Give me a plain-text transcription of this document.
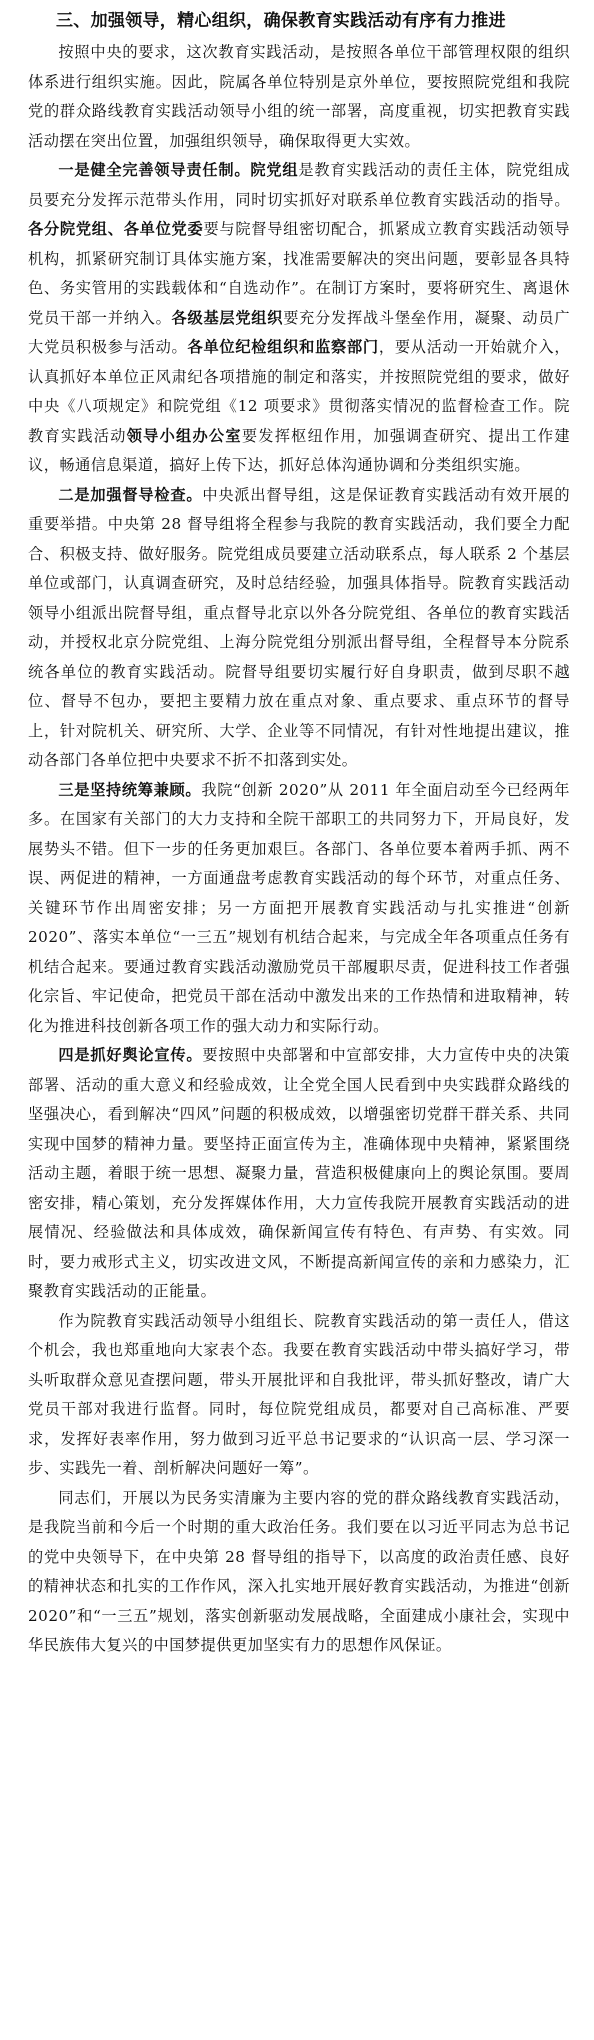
三、加强领导，精心组织，确保教育实践活动有序有力推进

按照中央的要求，这次教育实践活动，是按照各单位干部管理权限的组织体系进行组织实施。因此，院属各单位特别是京外单位，要按照院党组和我院党的群众路线教育实践活动领导小组的统一部署，高度重视，切实把教育实践活动摆在突出位置，加强组织领导，确保取得更大实效。

一是健全完善领导责任制。院党组是教育实践活动的责任主体，院党组成员要充分发挥示范带头作用，同时切实抓好对联系单位教育实践活动的指导。各分院党组、各单位党委要与院督导组密切配合，抓紧成立教育实践活动领导机构，抓紧研究制订具体实施方案，找准需要解决的突出问题，要彰显各具特色、务实管用的实践载体和“自选动作”。在制订方案时，要将研究生、离退休党员干部一并纳入。各级基层党组织要充分发挥战斗堡垒作用，凝聚、动员广大党员积极参与活动。各单位纪检组织和监察部门，要从活动一开始就介入，认真抓好本单位正风肃纪各项措施的制定和落实，并按照院党组的要求，做好中央《八项规定》和院党组《12 项要求》贯彻落实情况的监督检查工作。院教育实践活动领导小组办公室要发挥枢纽作用，加强调查研究、提出工作建议，畅通信息渠道，搞好上传下达，抓好总体沟通协调和分类组织实施。

二是加强督导检查。中央派出督导组，这是保证教育实践活动有效开展的重要举措。中央第 28 督导组将全程参与我院的教育实践活动，我们要全力配合、积极支持、做好服务。院党组成员要建立活动联系点，每人联系 2 个基层单位或部门，认真调查研究，及时总结经验，加强具体指导。院教育实践活动领导小组派出院督导组，重点督导北京以外各分院党组、各单位的教育实践活动，并授权北京分院党组、上海分院党组分别派出督导组，全程督导本分院系统各单位的教育实践活动。院督导组要切实履行好自身职责，做到尽职不越位、督导不包办，要把主要精力放在重点对象、重点要求、重点环节的督导上，针对院机关、研究所、大学、企业等不同情况，有针对性地提出建议，推动各部门各单位把中央要求不折不扣落到实处。

三是坚持统筹兼顾。我院“创新 2020”从 2011 年全面启动至今已经两年多。在国家有关部门的大力支持和全院干部职工的共同努力下，开局良好，发展势头不错。但下一步的任务更加艰巨。各部门、各单位要本着两手抓、两不误、两促进的精神，一方面通盘考虑教育实践活动的每个环节，对重点任务、关键环节作出周密安排；另一方面把开展教育实践活动与扎实推进“创新 2020”、落实本单位“一三五”规划有机结合起来，与完成全年各项重点任务有机结合起来。要通过教育实践活动激励党员干部履职尽责，促进科技工作者强化宗旨、牢记使命，把党员干部在活动中激发出来的工作热情和进取精神，转化为推进科技创新各项工作的强大动力和实际行动。

四是抓好舆论宣传。要按照中央部署和中宣部安排，大力宣传中央的决策部署、活动的重大意义和经验成效，让全党全国人民看到中央实践群众路线的坚强决心，看到解决“四风”问题的积极成效，以增强密切党群干群关系、共同实现中国梦的精神力量。要坚持正面宣传为主，准确体现中央精神，紧紧围绕活动主题，着眼于统一思想、凝聚力量，营造积极健康向上的舆论氛围。要周密安排，精心策划，充分发挥媒体作用，大力宣传我院开展教育实践活动的进展情况、经验做法和具体成效，确保新闻宣传有特色、有声势、有实效。同时，要力戒形式主义，切实改进文风，不断提高新闻宣传的亲和力感染力，汇聚教育实践活动的正能量。

作为院教育实践活动领导小组组长、院教育实践活动的第一责任人，借这个机会，我也郑重地向大家表个态。我要在教育实践活动中带头搞好学习，带头听取群众意见查摆问题，带头开展批评和自我批评，带头抓好整改，请广大党员干部对我进行监督。同时，每位院党组成员，都要对自己高标准、严要求，发挥好表率作用，努力做到习近平总书记要求的“认识高一层、学习深一步、实践先一着、剖析解决问题好一筹”。

同志们，开展以为民务实清廉为主要内容的党的群众路线教育实践活动，是我院当前和今后一个时期的重大政治任务。我们要在以习近平同志为总书记的党中央领导下，在中央第 28 督导组的指导下，以高度的政治责任感、良好的精神状态和扎实的工作作风，深入扎实地开展好教育实践活动，为推进“创新 2020”和“一三五”规划，落实创新驱动发展战略，全面建成小康社会，实现中华民族伟大复兴的中国梦提供更加坚实有力的思想作风保证。
